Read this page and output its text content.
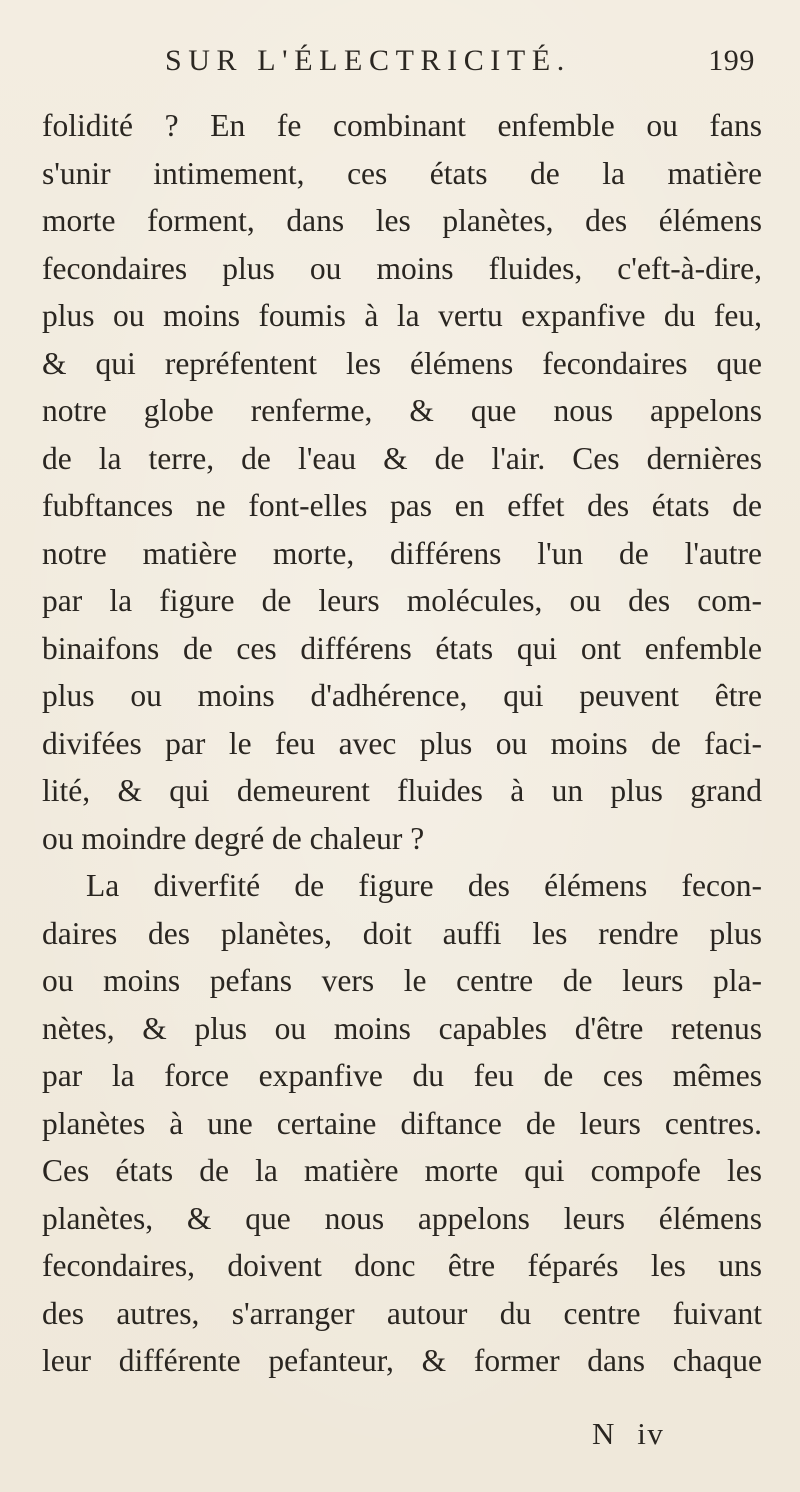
SUR L'ÉLECTRICITÉ.	199
folidité ? En fe combinant enfemble ou fans
s'unir intimement, ces états de la matière
morte forment, dans les planètes, des élémens
fecondaires plus ou moins fluides, c'eft-à-dire,
plus ou moins foumis à la vertu expanfive du feu,
& qui repréfentent les élémens fecondaires que
notre globe renferme, & que nous appelons
de la terre, de l'eau & de l'air. Ces dernières
fubftances ne font-elles pas en effet des états de
notre matière morte, différens l'un de l'autre
par la figure de leurs molécules, ou des com-
binaifons de ces différens états qui ont enfemble
plus ou moins d'adhérence, qui peuvent être
divifées par le feu avec plus ou moins de faci-
lité, & qui demeurent fluides à un plus grand
ou moindre degré de chaleur ?
La diverfité de figure des élémens fecon-
daires des planètes, doit auffi les rendre plus
ou moins pefans vers le centre de leurs pla-
nètes, & plus ou moins capables d'être retenus
par la force expanfive du feu de ces mêmes
planètes à une certaine diftance de leurs centres.
Ces états de la matière morte qui compofe les
planètes, & que nous appelons leurs élémens
fecondaires, doivent donc être féparés les uns
des autres, s'arranger autour du centre fuivant
leur différente pefanteur, & former dans chaque
N iv
